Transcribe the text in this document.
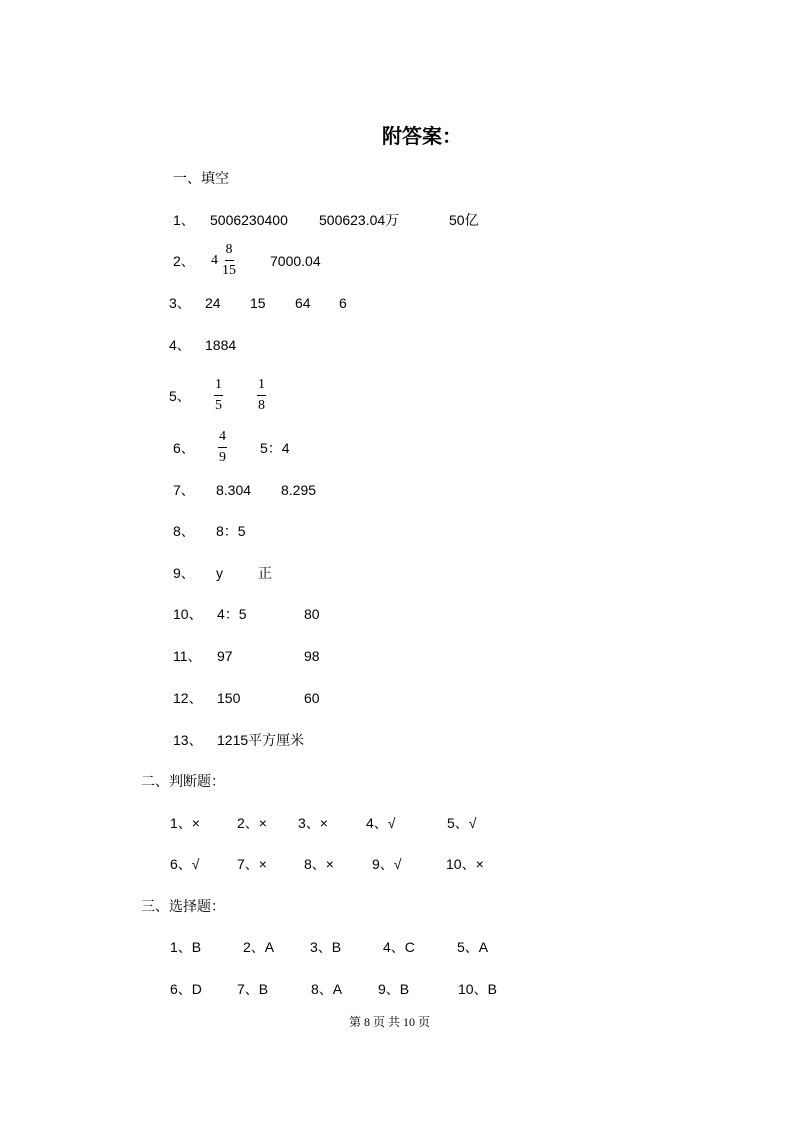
附答案：
一、填空
1、 5006230400 500623.04万	50亿
2、 $4 \frac{8}{15} 7000.04$
3、 24 15 64 6
4、 1884
5、 $\frac{1}{5} \frac{1}{8}$
6、 $\frac{4}{9} 5$：4
7、 8.304 8.295
8、 8：5
9、 y	正
10、 4：5	80
11、 97	98
12、 150	60
13、 1215平方厘米
二、判断题：
1、×	2、× 3、×	4、√	5、√
6、√	7、×	8、×	9、√	10、×
三、选择题：
1、B	2、A	3、B	4、C	5、A
6、D	7、B	8、A	9、B	10、B
第 8 页 共 10 页
